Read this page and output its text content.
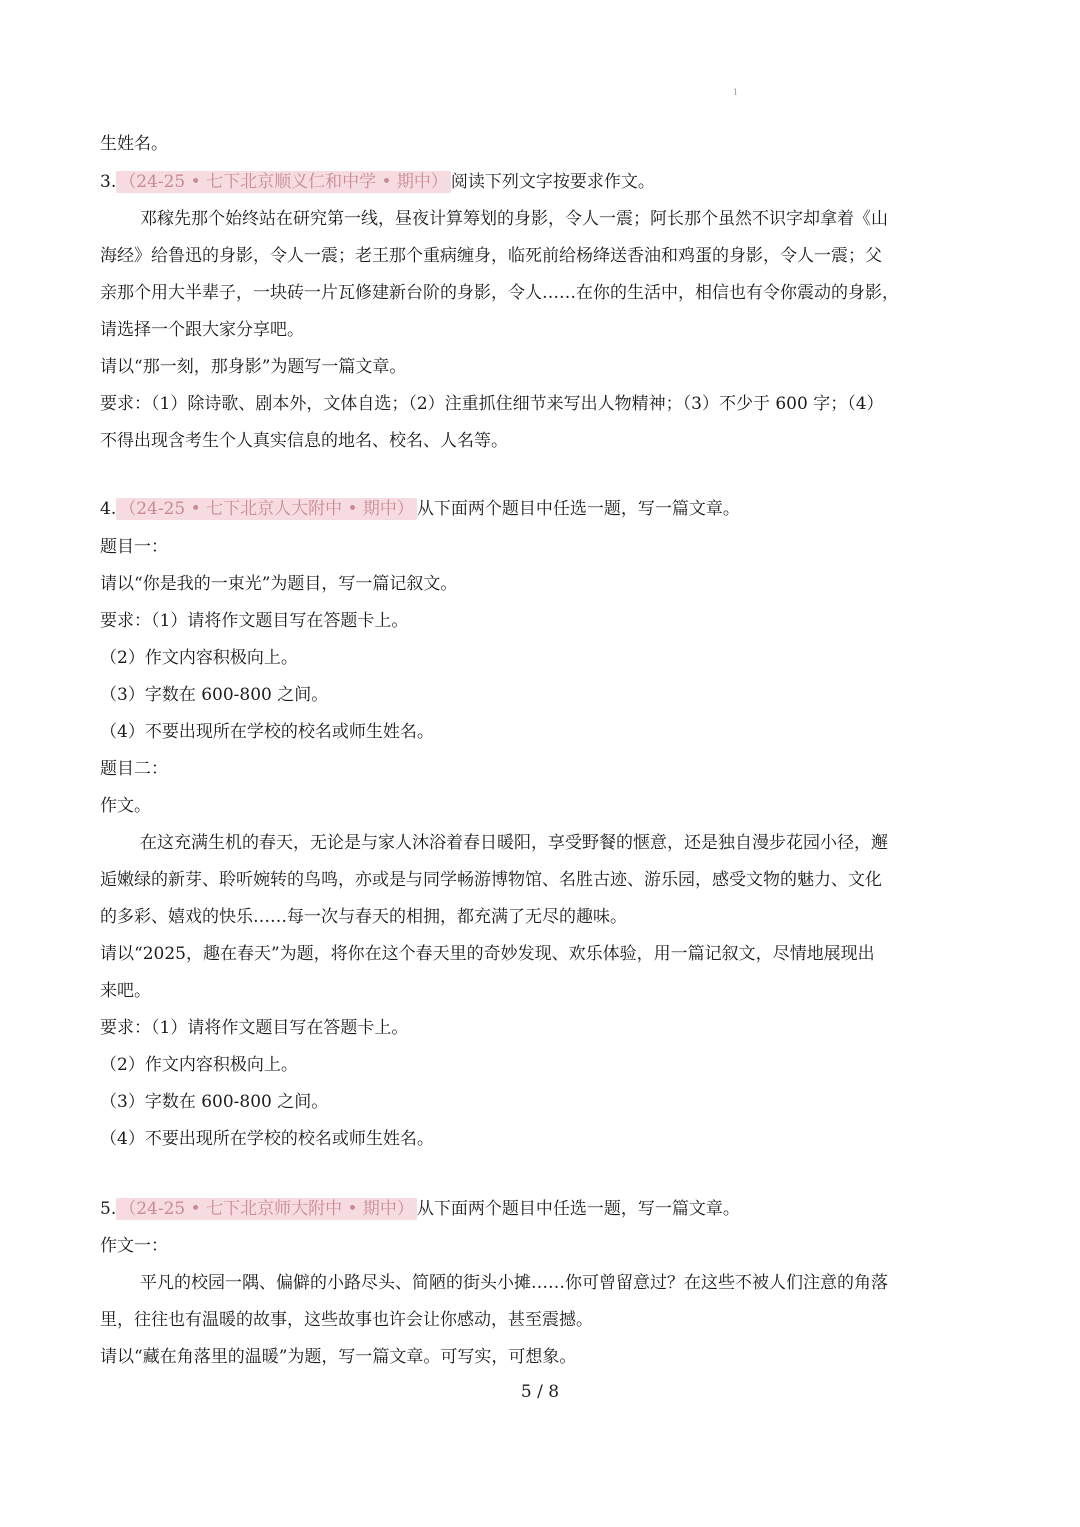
1
生姓名。
3. （24-25 • 七下北京顺义仁和中学 • 期中） 阅读下列文字按要求作文。
邓稼先那个始终站在研究第一线，昼夜计算筹划的身影，令人一震；阿长那个虽然不识字却拿着《山
海经》给鲁迅的身影，令人一震；老王那个重病缠身，临死前给杨绛送香油和鸡蛋的身影，令人一震；父
亲那个用大半辈子，一块砖一片瓦修建新台阶的身影，令人……在你的生活中，相信也有令你震动的身影，
请选择一个跟大家分享吧。
请以“那一刻，那身影”为题写一篇文章。
要求：（1）除诗歌、剧本外，文体自选；（2）注重抓住细节来写出人物精神；（3）不少于 600 字；（4）
不得出现含考生个人真实信息的地名、校名、人名等。
4. （24-25 • 七下北京人大附中 • 期中） 从下面两个题目中任选一题，写一篇文章。
题目一：
请以“你是我的一束光”为题目，写一篇记叙文。
要求：（1）请将作文题目写在答题卡上。
（2）作文内容积极向上。
（3）字数在 600-800 之间。
（4）不要出现所在学校的校名或师生姓名。
题目二：
作文。
在这充满生机的春天，无论是与家人沐浴着春日暖阳，享受野餐的惬意，还是独自漫步花园小径，邂
逅嫩绿的新芽、聆听婉转的鸟鸣，亦或是与同学畅游博物馆、名胜古迹、游乐园，感受文物的魅力、文化
的多彩、嬉戏的快乐……每一次与春天的相拥，都充满了无尽的趣味。
请以“2025，趣在春天”为题，将你在这个春天里的奇妙发现、欢乐体验，用一篇记叙文，尽情地展现出
来吧。
要求：（1）请将作文题目写在答题卡上。
（2）作文内容积极向上。
（3）字数在 600-800 之间。
（4）不要出现所在学校的校名或师生姓名。
5. （24-25 • 七下北京师大附中 • 期中） 从下面两个题目中任选一题，写一篇文章。
作文一：
平凡的校园一隅、偏僻的小路尽头、简陋的街头小摊……你可曾留意过？在这些不被人们注意的角落
里，往往也有温暖的故事，这些故事也许会让你感动，甚至震撼。
请以“藏在角落里的温暖”为题，写一篇文章。可写实，可想象。
5 / 8
